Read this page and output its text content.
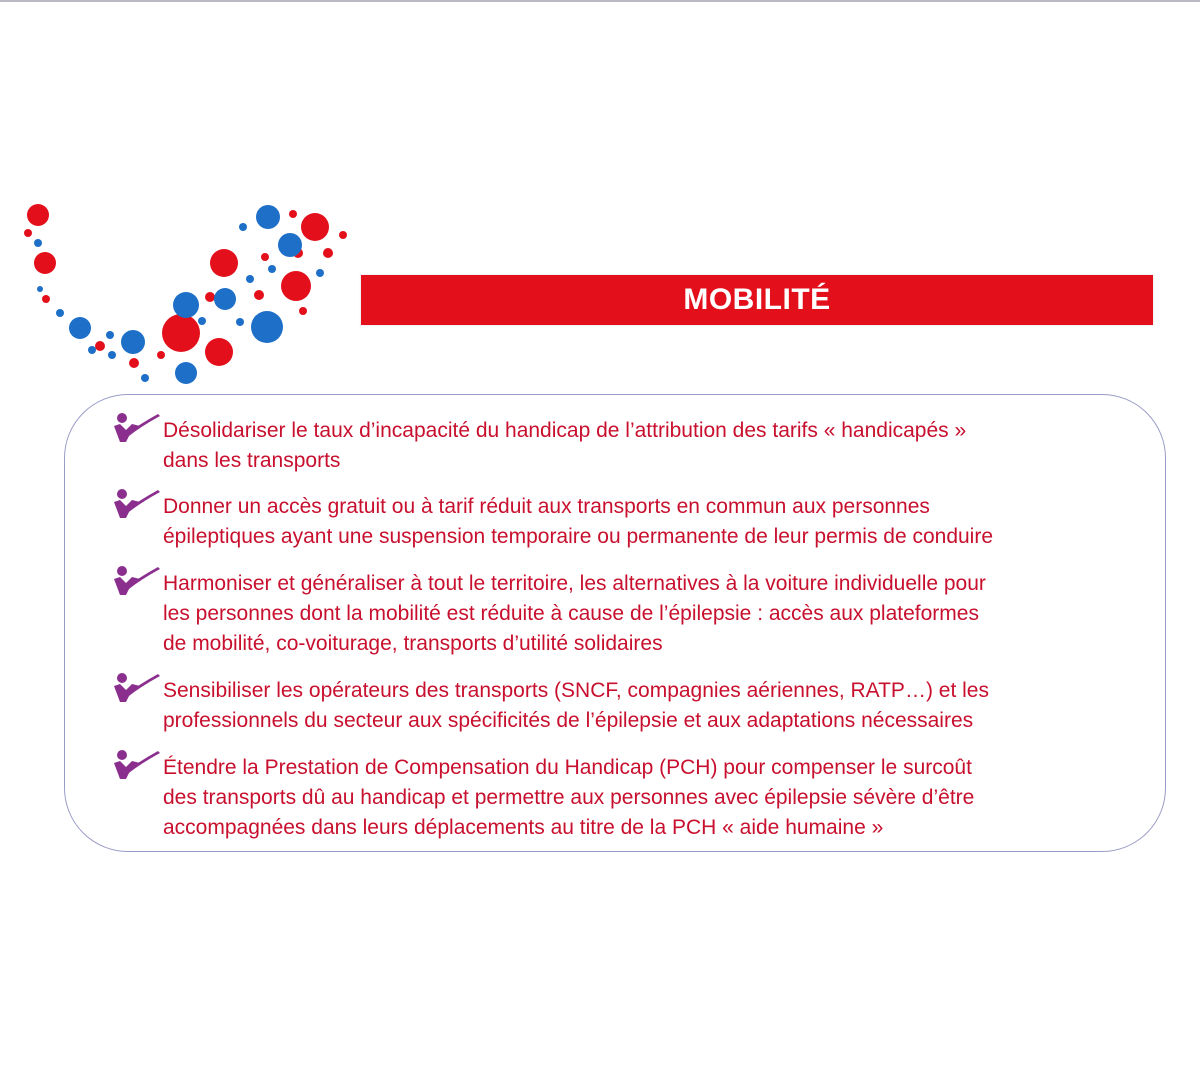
MOBILITÉ
Désolidariser le taux d’incapacité du handicap de l’attribution des tarifs « handicapés »
dans les transports
Donner un accès gratuit ou à tarif réduit aux transports en commun aux personnes
épileptiques ayant une suspension temporaire ou permanente de leur permis de conduire
Harmoniser et généraliser à tout le territoire, les alternatives à la voiture individuelle pour
les personnes dont la mobilité est réduite à cause de l’épilepsie : accès aux plateformes
de mobilité, co-voiturage, transports d’utilité solidaires
Sensibiliser les opérateurs des transports (SNCF, compagnies aériennes, RATP…) et les
professionnels du secteur aux spécificités de l’épilepsie et aux adaptations nécessaires
Étendre la Prestation de Compensation du Handicap (PCH) pour compenser le surcoût
des transports dû au handicap et permettre aux personnes avec épilepsie sévère d’être
accompagnées dans leurs déplacements au titre de la PCH « aide humaine »
